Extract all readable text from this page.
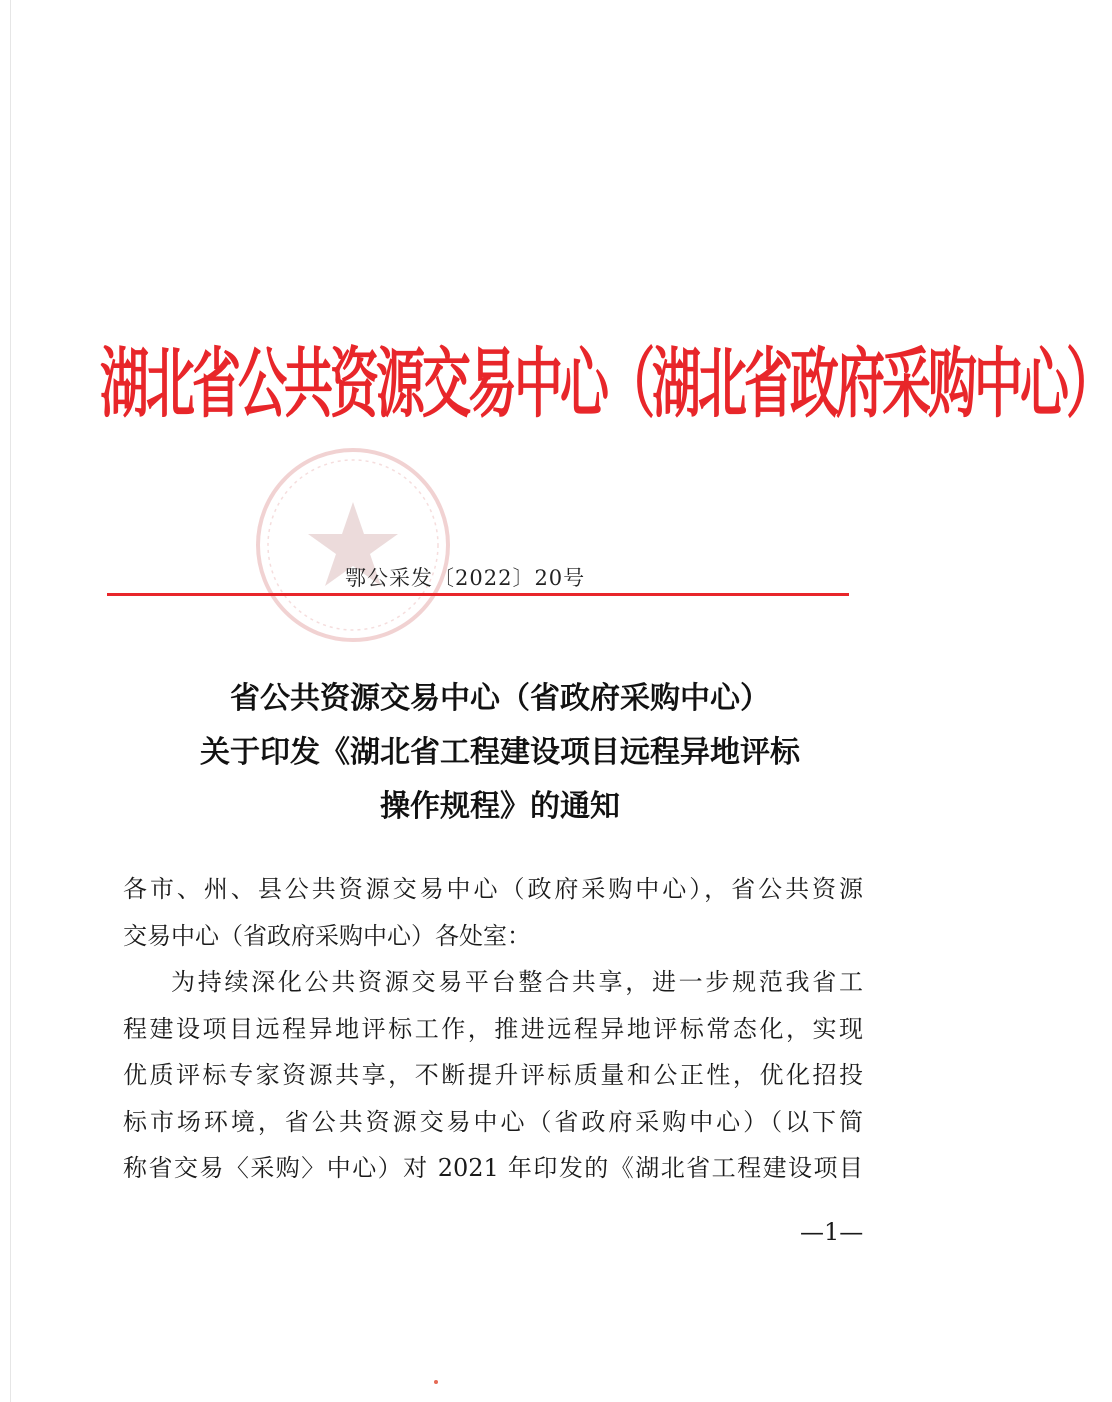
湖北省公共资源交易中心（湖北省政府采购中心）
鄂公采发〔2022〕20号
省公共资源交易中心（省政府采购中心）
关于印发《湖北省工程建设项目远程异地评标
操作规程》的通知
各市、州、县公共资源交易中心（政府采购中心），省公共资源
交易中心（省政府采购中心）各处室：
为持续深化公共资源交易平台整合共享，进一步规范我省工
程建设项目远程异地评标工作，推进远程异地评标常态化，实现
优质评标专家资源共享，不断提升评标质量和公正性，优化招投
标市场环境，省公共资源交易中心（省政府采购中心）（以下简
称省交易〈采购〉中心）对 2021 年印发的《湖北省工程建设项目
—1—
